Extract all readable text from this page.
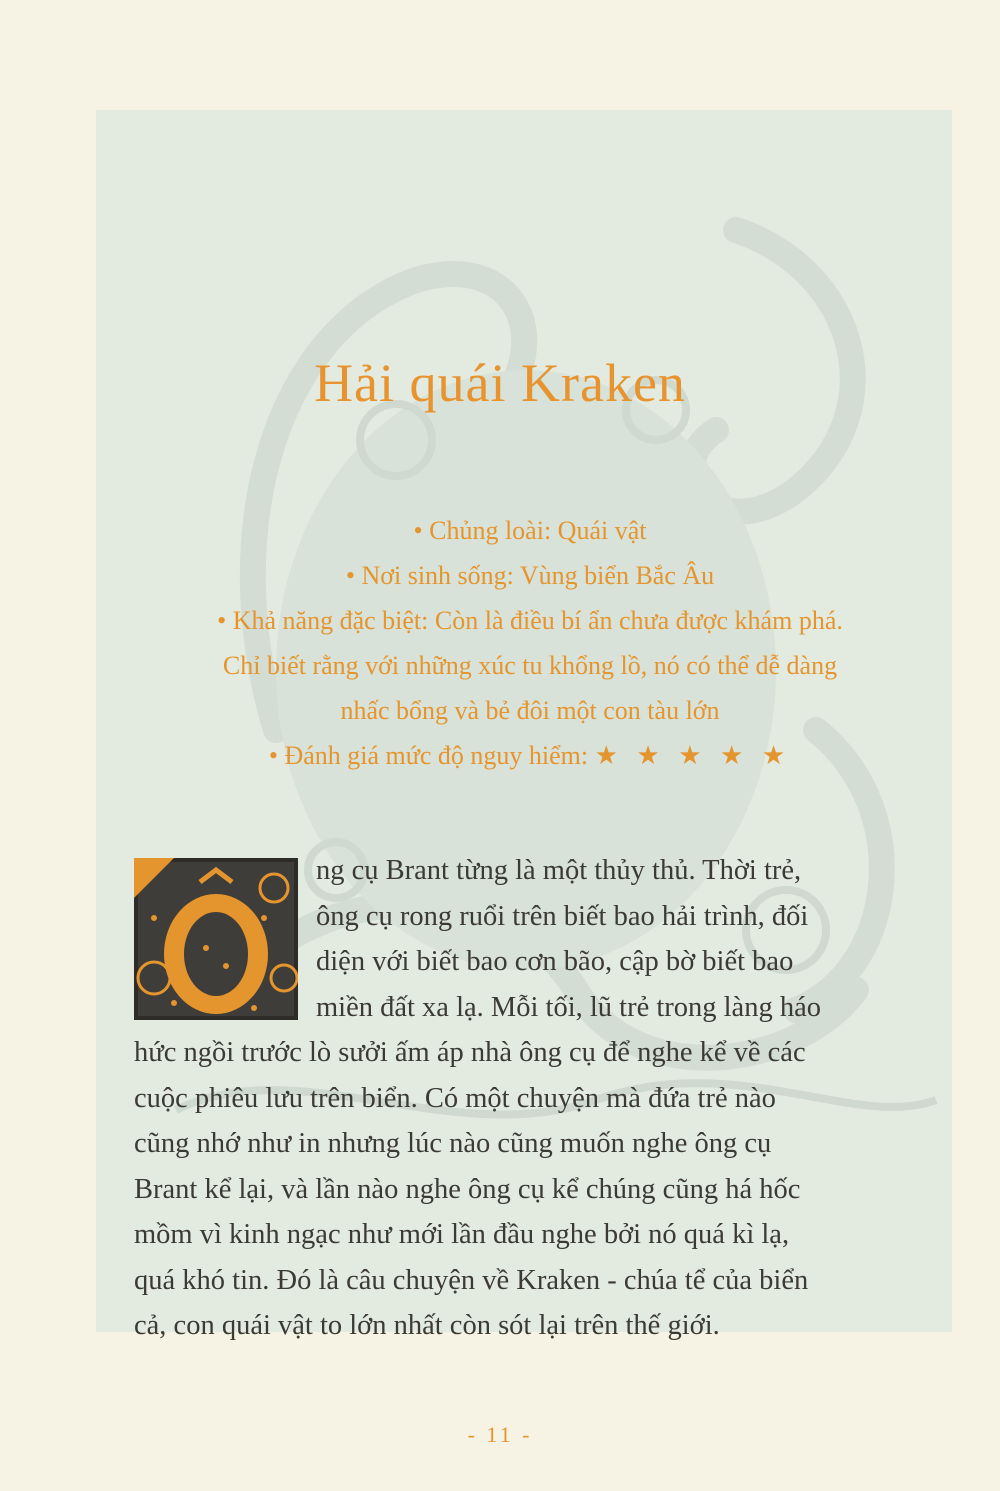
Hải quái Kraken
• Chủng loài: Quái vật
• Nơi sinh sống: Vùng biển Bắc Âu
• Khả năng đặc biệt: Còn là điều bí ẩn chưa được khám phá.
Chỉ biết rằng với những xúc tu khổng lồ, nó có thể dễ dàng
nhấc bổng và bẻ đôi một con tàu lớn
• Đánh giá mức độ nguy hiểm: ★ ★ ★ ★ ★
ng cụ Brant từng là một thủy thủ. Thời trẻ,
ông cụ rong ruổi trên biết bao hải trình, đối
diện với biết bao cơn bão, cập bờ biết bao
miền đất xa lạ. Mỗi tối, lũ trẻ trong làng háo
hức ngồi trước lò sưởi ấm áp nhà ông cụ để nghe kể về các
cuộc phiêu lưu trên biển. Có một chuyện mà đứa trẻ nào
cũng nhớ như in nhưng lúc nào cũng muốn nghe ông cụ
Brant kể lại, và lần nào nghe ông cụ kể chúng cũng há hốc
mồm vì kinh ngạc như mới lần đầu nghe bởi nó quá kì lạ,
quá khó tin. Đó là câu chuyện về Kraken - chúa tể của biển
cả, con quái vật to lớn nhất còn sót lại trên thế giới.
- 11 -
